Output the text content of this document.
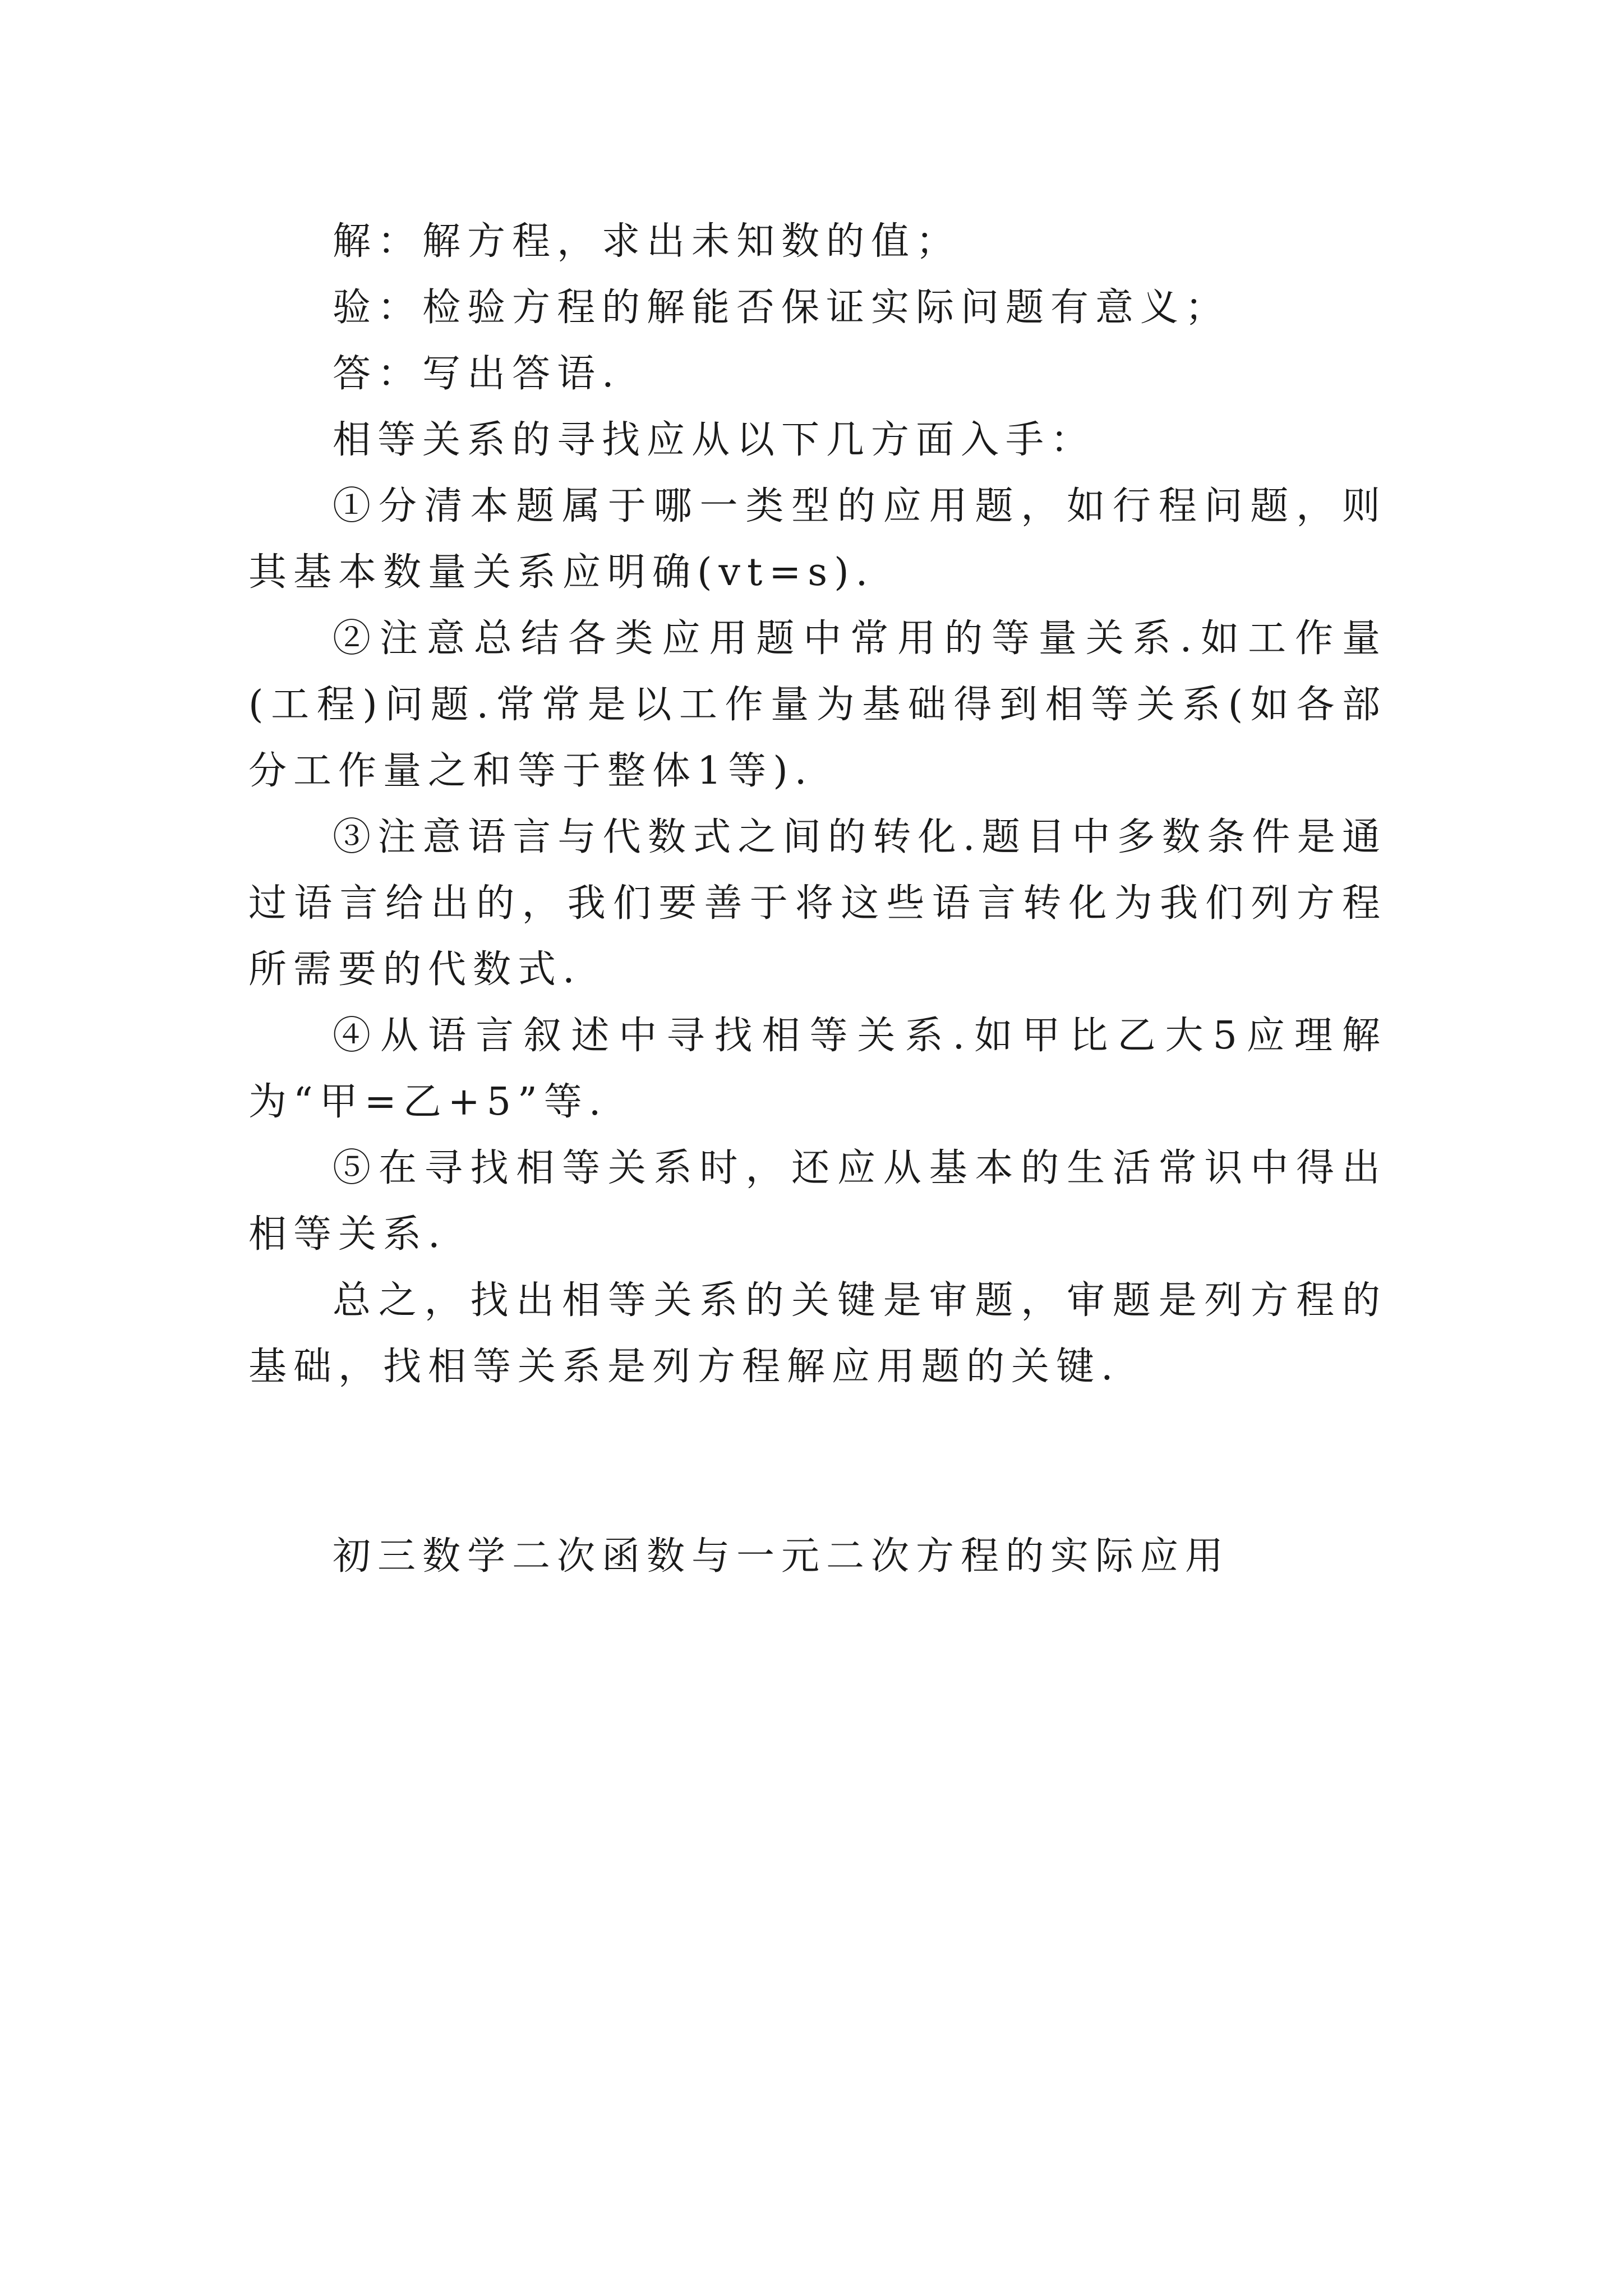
解：解方程，求出未知数的值；

验：检验方程的解能否保证实际问题有意义；

答：写出答语.

相等关系的寻找应从以下几方面入手：

①分清本题属于哪一类型的应用题，如行程问题，则其基本数量关系应明确(vt=s).

②注意总结各类应用题中常用的等量关系.如工作量(工程)问题.常常是以工作量为基础得到相等关系(如各部分工作量之和等于整体1等).

③注意语言与代数式之间的转化.题目中多数条件是通过语言给出的，我们要善于将这些语言转化为我们列方程所需要的代数式.

④从语言叙述中寻找相等关系.如甲比乙大5应理解为“甲=乙+5”等.

⑤在寻找相等关系时，还应从基本的生活常识中得出相等关系.

总之，找出相等关系的关键是审题，审题是列方程的基础，找相等关系是列方程解应用题的关键.

初三数学二次函数与一元二次方程的实际应用
